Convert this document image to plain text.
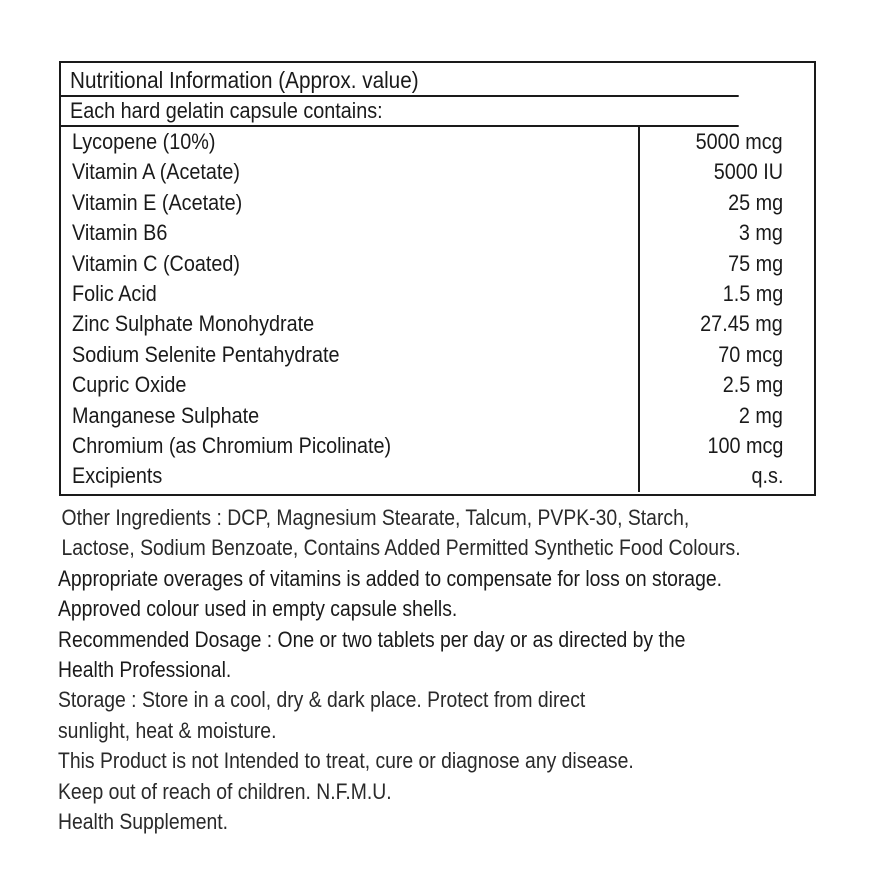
Nutritional Information (Approx. value)
Each hard gelatin capsule contains:
Lycopene (10%)	5000 mcg
Vitamin A (Acetate)	5000 IU
Vitamin E (Acetate)	25 mg
Vitamin B6	3 mg
Vitamin C (Coated)	75 mg
Folic Acid	1.5 mg
Zinc Sulphate Monohydrate	27.45 mg
Sodium Selenite Pentahydrate	70 mcg
Cupric Oxide	2.5 mg
Manganese Sulphate	2 mg
Chromium (as Chromium Picolinate)	100 mcg
Excipients	q.s.
Other Ingredients : DCP, Magnesium Stearate, Talcum, PVPK-30, Starch,
Lactose, Sodium Benzoate, Contains Added Permitted Synthetic Food Colours.
Appropriate overages of vitamins is added to compensate for loss on storage.
Approved colour used in empty capsule shells.
Recommended Dosage : One or two tablets per day or as directed by the
Health Professional.
Storage : Store in a cool, dry & dark place. Protect from direct
sunlight, heat & moisture.
This Product is not Intended to treat, cure or diagnose any disease.
Keep out of reach of children. N.F.M.U.
Health Supplement.
